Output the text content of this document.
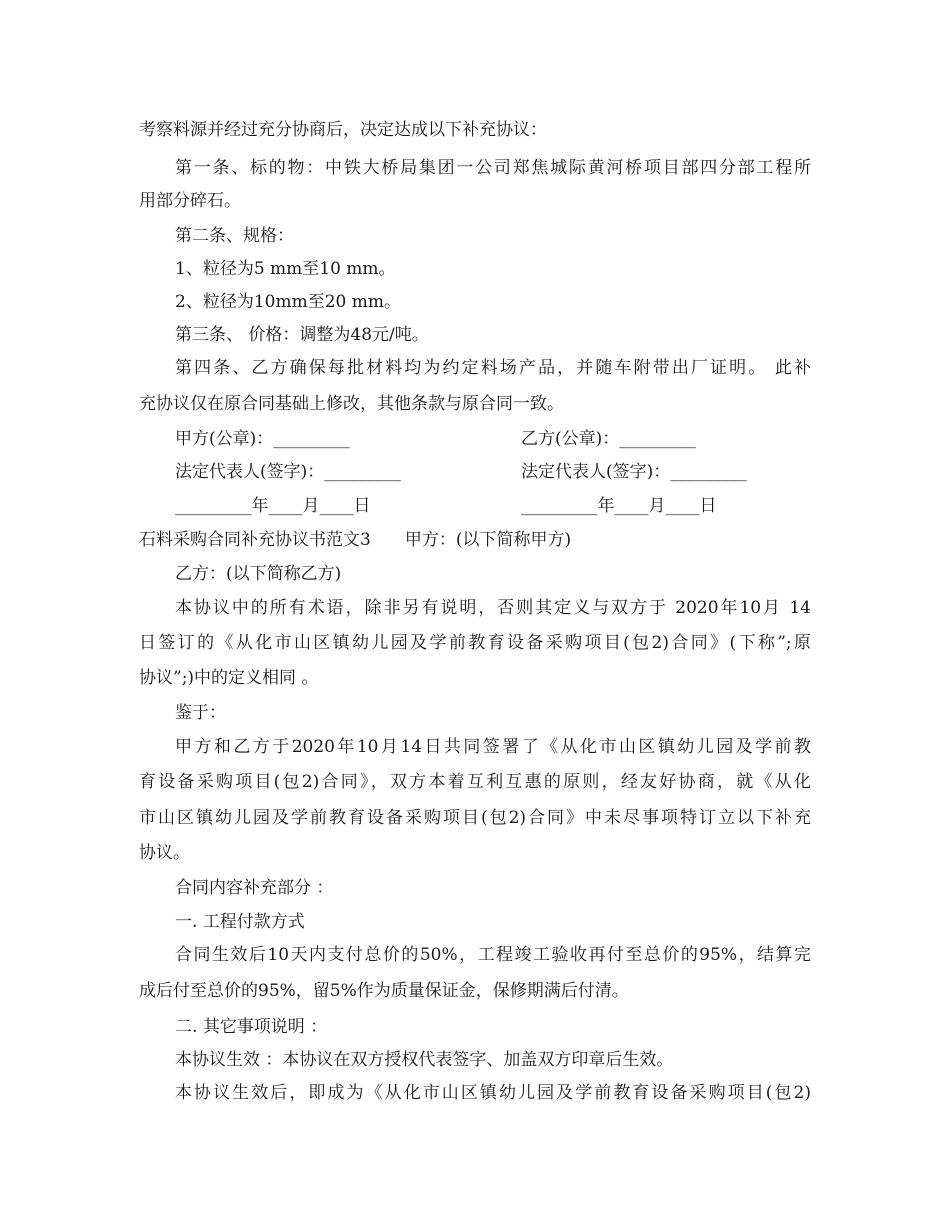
考察料源并经过充分协商后，决定达成以下补充协议：
第一条、标的物：中铁大桥局集团一公司郑焦城际黄河桥项目部四分部工程所
用部分碎石。
第二条、规格：
1、粒径为5 mm至10 mm。
2、粒径为10mm至20 mm。
第三条、 价格：调整为48元/吨。
第四条、乙方确保每批材料均为约定料场产品，并随车附带出厂证明。 此补
充协议仅在原合同基础上修改，其他条款与原合同一致。
甲方(公章)：_________	乙方(公章)：_________
法定代表人(签字)：_________	法定代表人(签字)：_________
_________年____月____日	_________年____月____日
石料采购合同补充协议书范文3　　甲方：(以下简称甲方)
乙方：(以下简称乙方)
本协议中的所有术语，除非另有说明，否则其定义与双方于 2020年10月 14
日签订的《从化市山区镇幼儿园及学前教育设备采购项目(包2)合同》(下称”;原
协议”;)中的定义相同 。
鉴于：
甲方和乙方于2020年10月14日共同签署了《从化市山区镇幼儿园及学前教
育设备采购项目(包2)合同》，双方本着互利互惠的原则，经友好协商，就《从化
市山区镇幼儿园及学前教育设备采购项目(包2)合同》中未尽事项特订立以下补充
协议。
合同内容补充部分 ：
一. 工程付款方式
合同生效后10天内支付总价的50%，工程竣工验收再付至总价的95%，结算完
成后付至总价的95%，留5%作为质量保证金，保修期满后付清。
二. 其它事项说明 ：
本协议生效 ：本协议在双方授权代表签字、加盖双方印章后生效。
本协议生效后，即成为《从化市山区镇幼儿园及学前教育设备采购项目(包2)
